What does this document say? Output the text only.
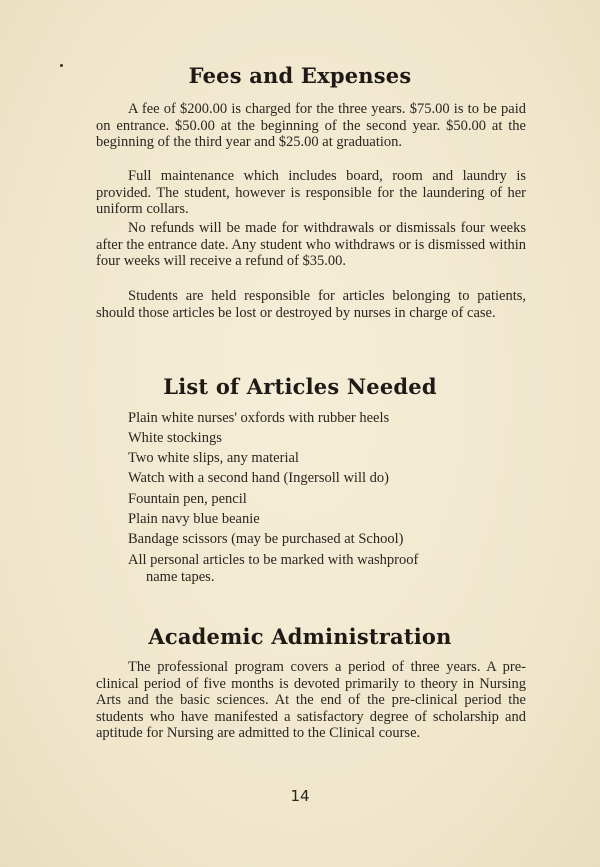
Fees and Expenses

A fee of $200.00 is charged for the three years. $75.00 is to be paid on entrance. $50.00 at the beginning of the second year. $50.00 at the beginning of the third year and $25.00 at graduation.

Full maintenance which includes board, room and laundry is provided. The student, however is responsible for the laundering of her uniform collars.

No refunds will be made for withdrawals or dismissals four weeks after the entrance date. Any student who withdraws or is dismissed within four weeks will receive a refund of $35.00.

Students are held responsible for articles belonging to patients, should those articles be lost or destroyed by nurses in charge of case.

List of Articles Needed

Plain white nurses' oxfords with rubber heels

White stockings

Two white slips, any material

Watch with a second hand (Ingersoll will do)

Fountain pen, pencil

Plain navy blue beanie

Bandage scissors (may be purchased at School)

All personal articles to be marked with washproof name tapes.

Academic Administration

The professional program covers a period of three years. A pre-clinical period of five months is devoted primarily to theory in Nursing Arts and the basic sciences. At the end of the pre-clinical period the students who have manifested a satisfactory degree of scholarship and aptitude for Nursing are admitted to the Clinical course.

14
